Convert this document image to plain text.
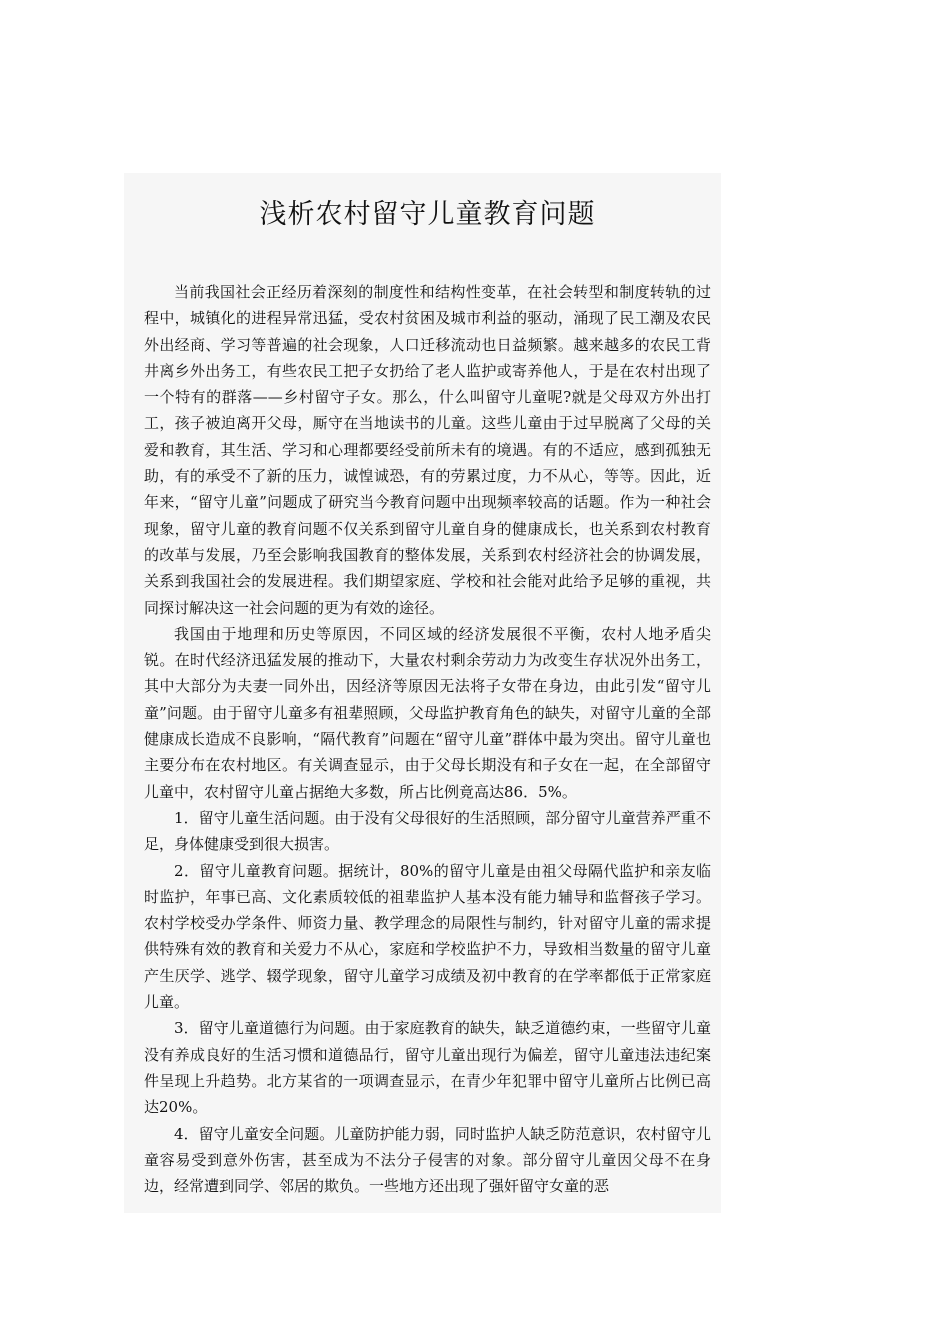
浅析农村留守儿童教育问题

当前我国社会正经历着深刻的制度性和结构性变革，在社会转型和制度转轨的过程中，城镇化的进程异常迅猛，受农村贫困及城市利益的驱动，涌现了民工潮及农民外出经商、学习等普遍的社会现象，人口迁移流动也日益频繁。越来越多的农民工背井离乡外出务工，有些农民工把子女扔给了老人监护或寄养他人，于是在农村出现了一个特有的群落——乡村留守子女。那么，什么叫留守儿童呢?就是父母双方外出打工，孩子被迫离开父母，厮守在当地读书的儿童。这些儿童由于过早脱离了父母的关爱和教育，其生活、学习和心理都要经受前所未有的境遇。有的不适应，感到孤独无助，有的承受不了新的压力，诚惶诚恐，有的劳累过度，力不从心，等等。因此，近年来，“留守儿童”问题成了研究当今教育问题中出现频率较高的话题。作为一种社会现象，留守儿童的教育问题不仅关系到留守儿童自身的健康成长，也关系到农村教育的改革与发展，乃至会影响我国教育的整体发展，关系到农村经济社会的协调发展，关系到我国社会的发展进程。我们期望家庭、学校和社会能对此给予足够的重视，共同探讨解决这一社会问题的更为有效的途径。

我国由于地理和历史等原因，不同区域的经济发展很不平衡，农村人地矛盾尖锐。在时代经济迅猛发展的推动下，大量农村剩余劳动力为改变生存状况外出务工，其中大部分为夫妻一同外出，因经济等原因无法将子女带在身边，由此引发“留守儿童”问题。由于留守儿童多有祖辈照顾，父母监护教育角色的缺失，对留守儿童的全部健康成长造成不良影响，“隔代教育”问题在“留守儿童”群体中最为突出。留守儿童也主要分布在农村地区。有关调查显示，由于父母长期没有和子女在一起，在全部留守儿童中，农村留守儿童占据绝大多数，所占比例竟高达86．5%。

1．留守儿童生活问题。由于没有父母很好的生活照顾，部分留守儿童营养严重不足，身体健康受到很大损害。

2．留守儿童教育问题。据统计，80%的留守儿童是由祖父母隔代监护和亲友临时监护，年事已高、文化素质较低的祖辈监护人基本没有能力辅导和监督孩子学习。农村学校受办学条件、师资力量、教学理念的局限性与制约，针对留守儿童的需求提供特殊有效的教育和关爱力不从心，家庭和学校监护不力，导致相当数量的留守儿童产生厌学、逃学、辍学现象，留守儿童学习成绩及初中教育的在学率都低于正常家庭儿童。

3．留守儿童道德行为问题。由于家庭教育的缺失，缺乏道德约束，一些留守儿童没有养成良好的生活习惯和道德品行，留守儿童出现行为偏差，留守儿童违法违纪案件呈现上升趋势。北方某省的一项调查显示，在青少年犯罪中留守儿童所占比例已高达20%。

4．留守儿童安全问题。儿童防护能力弱，同时监护人缺乏防范意识，农村留守儿童容易受到意外伤害，甚至成为不法分子侵害的对象。部分留守儿童因父母不在身边，经常遭到同学、邻居的欺负。一些地方还出现了强奸留守女童的恶
